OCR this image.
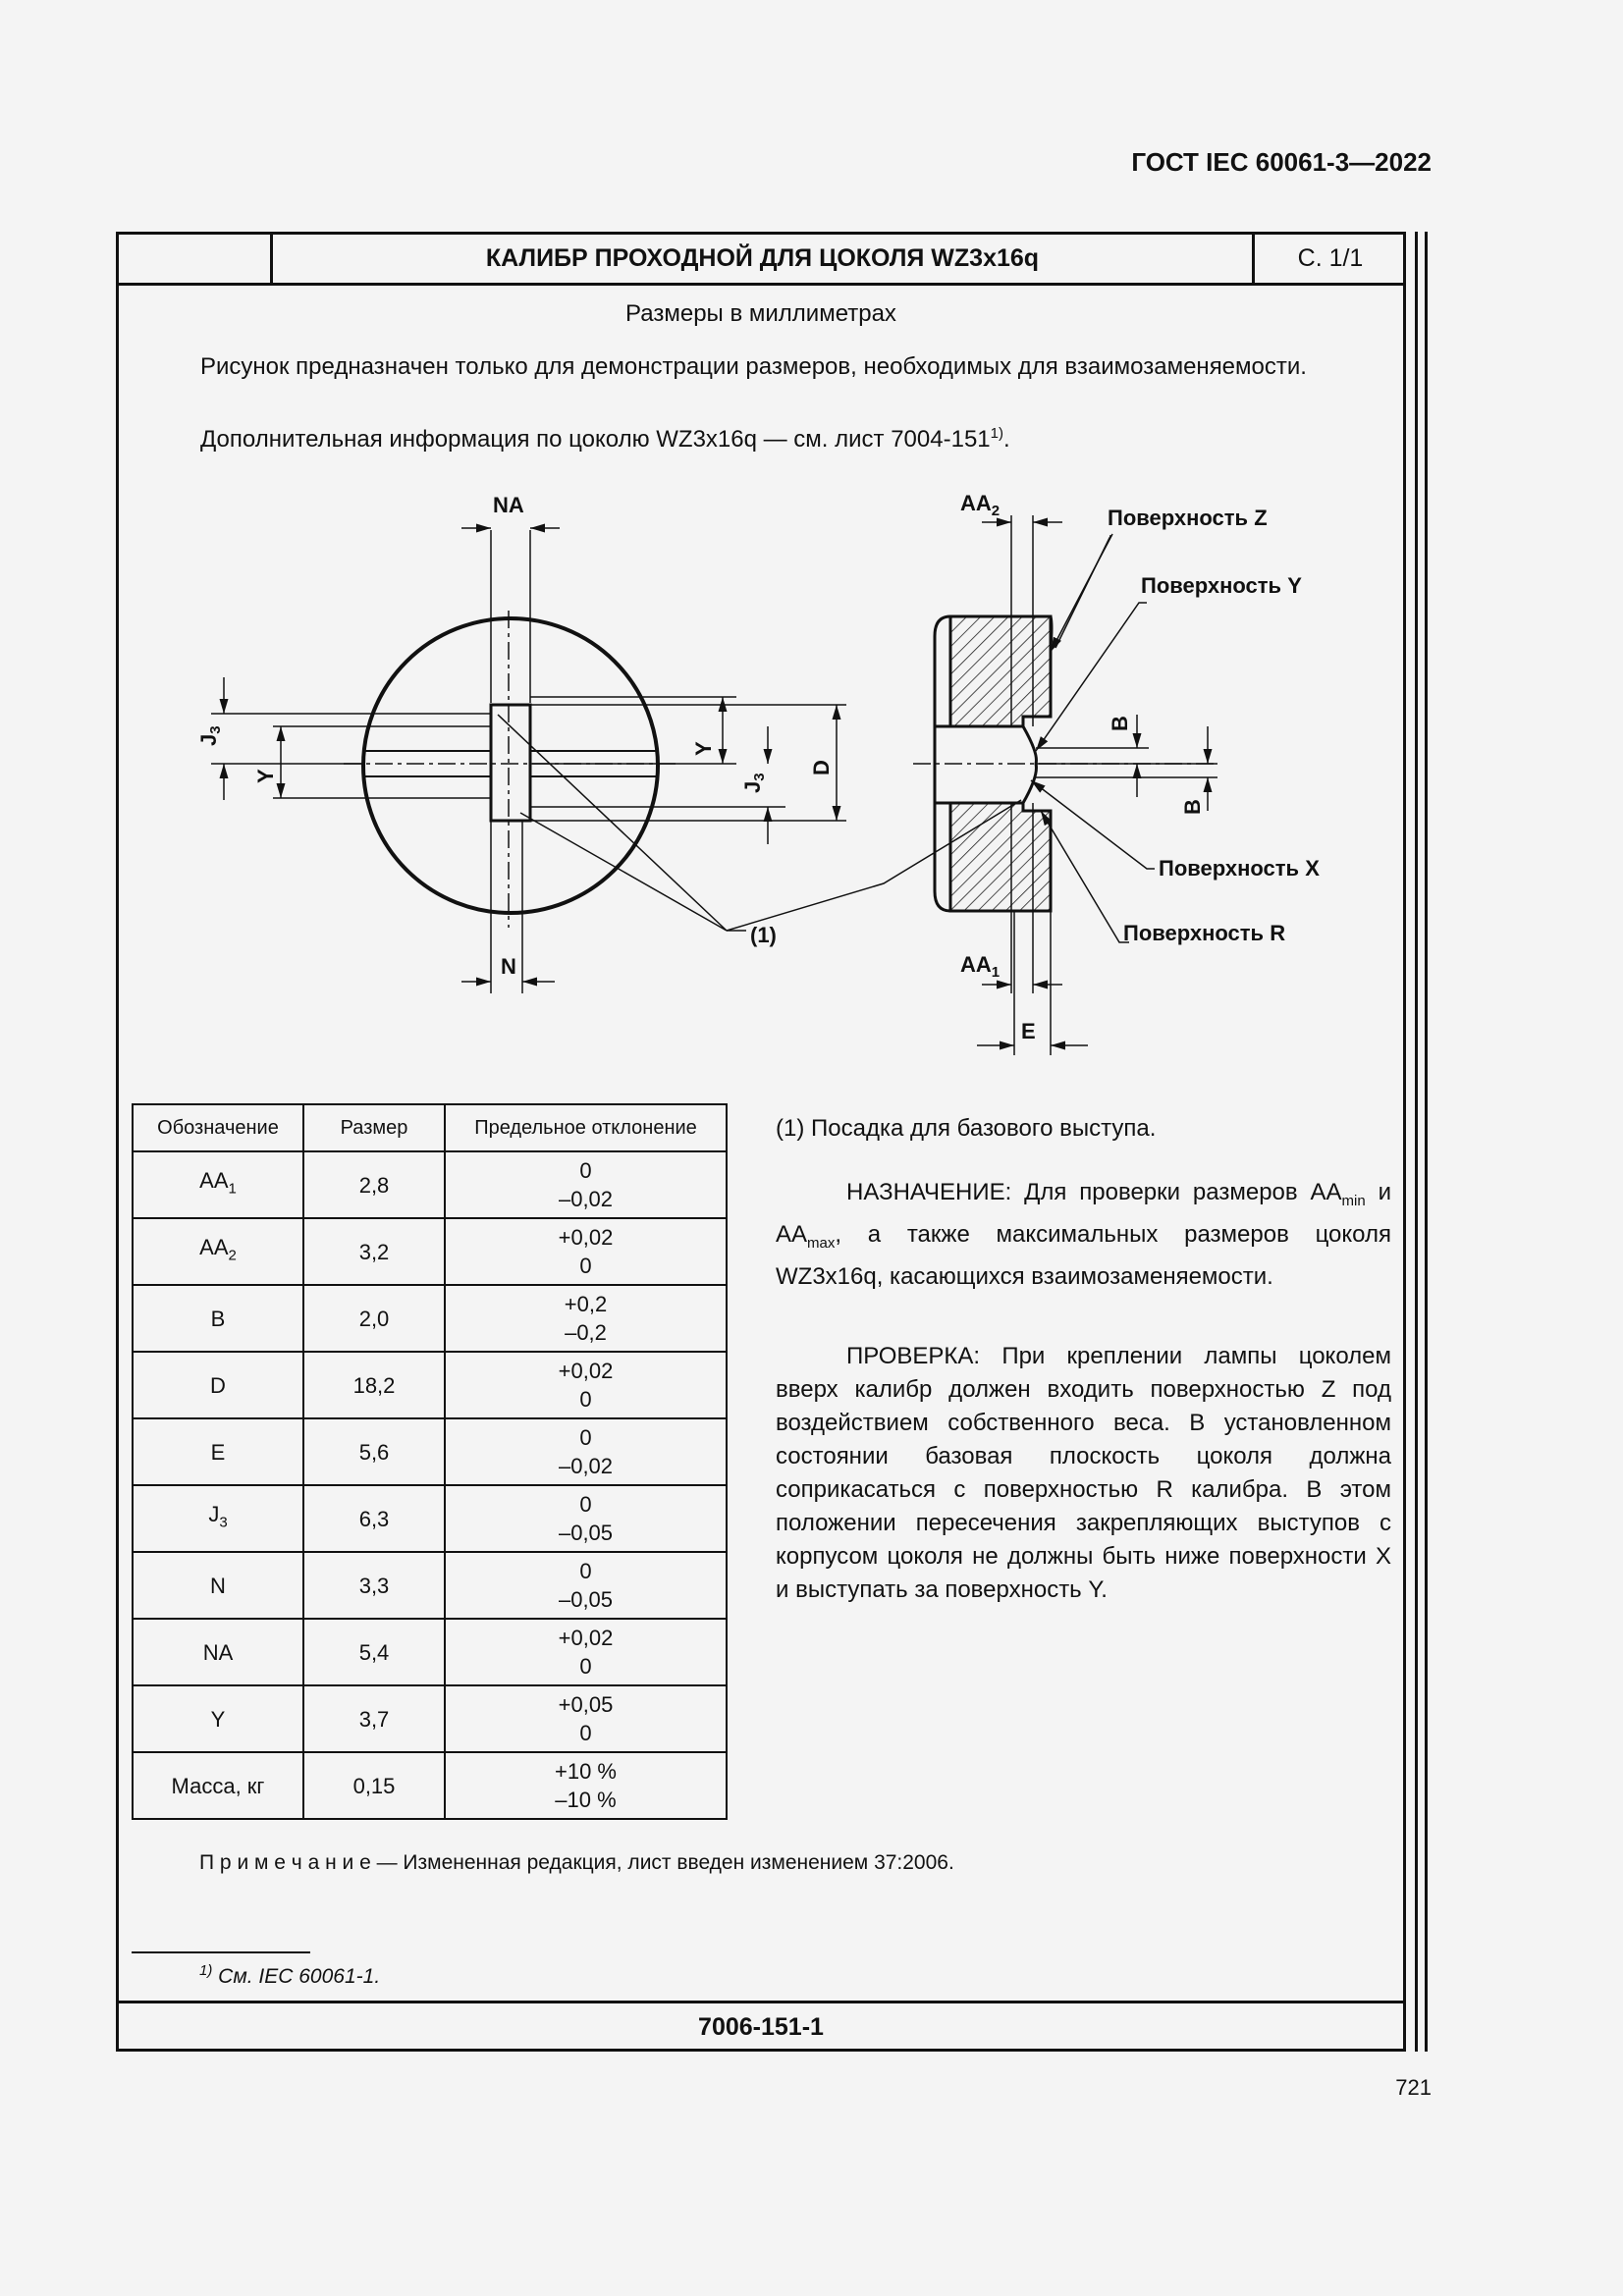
ГОСТ IEC 60061-3—2022
КАЛИБР ПРОХОДНОЙ ДЛЯ ЦОКОЛЯ WZ3x16q	С. 1/1
Размеры в миллиметрах
Рисунок предназначен только для демонстрации размеров, необходимых для взаимозаменяемости.
Дополнительная информация по цоколю WZ3x16q — см. лист 7004-151$^{1)}$.
NA
N
J3
Y
Y
J3
D
$AA_2$
$AA_1$
E
B
B
(1)
Поверхность Z
Поверхность Y
Поверхность X
Поверхность R
Обозначение	Размер	Предельное отклонение
$AA_1$	2,8	0
–0,02

$AA_2$	3,2	+0,02
0

B	2,0	+0,2
–0,2

D	18,2	+0,02
0

E	5,6	0
–0,02

$J_3$	6,3	0
–0,05

N	3,3	0
–0,05

NA	5,4	+0,02
0

Y	3,7	+0,05
0

Масса, кг	0,15	+10 %
–10 %
(1) Посадка для базового выступа.
НАЗНАЧЕНИЕ: Для проверки размеров $AA_{min}$ и $AA_{max}$, а также максимальных размеров цоколя WZ3x16q, касающихся взаимозаменяемости.
ПРОВЕРКА: При креплении лампы цоколем вверх калибр должен входить поверхностью Z под воздействием собственного веса. В установленном состоянии базовая плоскость цоколя должна соприкасаться с поверхностью R калибра. В этом положении пересечения закрепляющих выступов с корпусом цоколя не должны быть ниже поверхности X и выступать за поверхность Y.
П р и м е ч а н и е — Измененная редакция, лист введен изменением 37:2006.
$^{1)}$ См. IEC 60061-1.
7006-151-1
721
